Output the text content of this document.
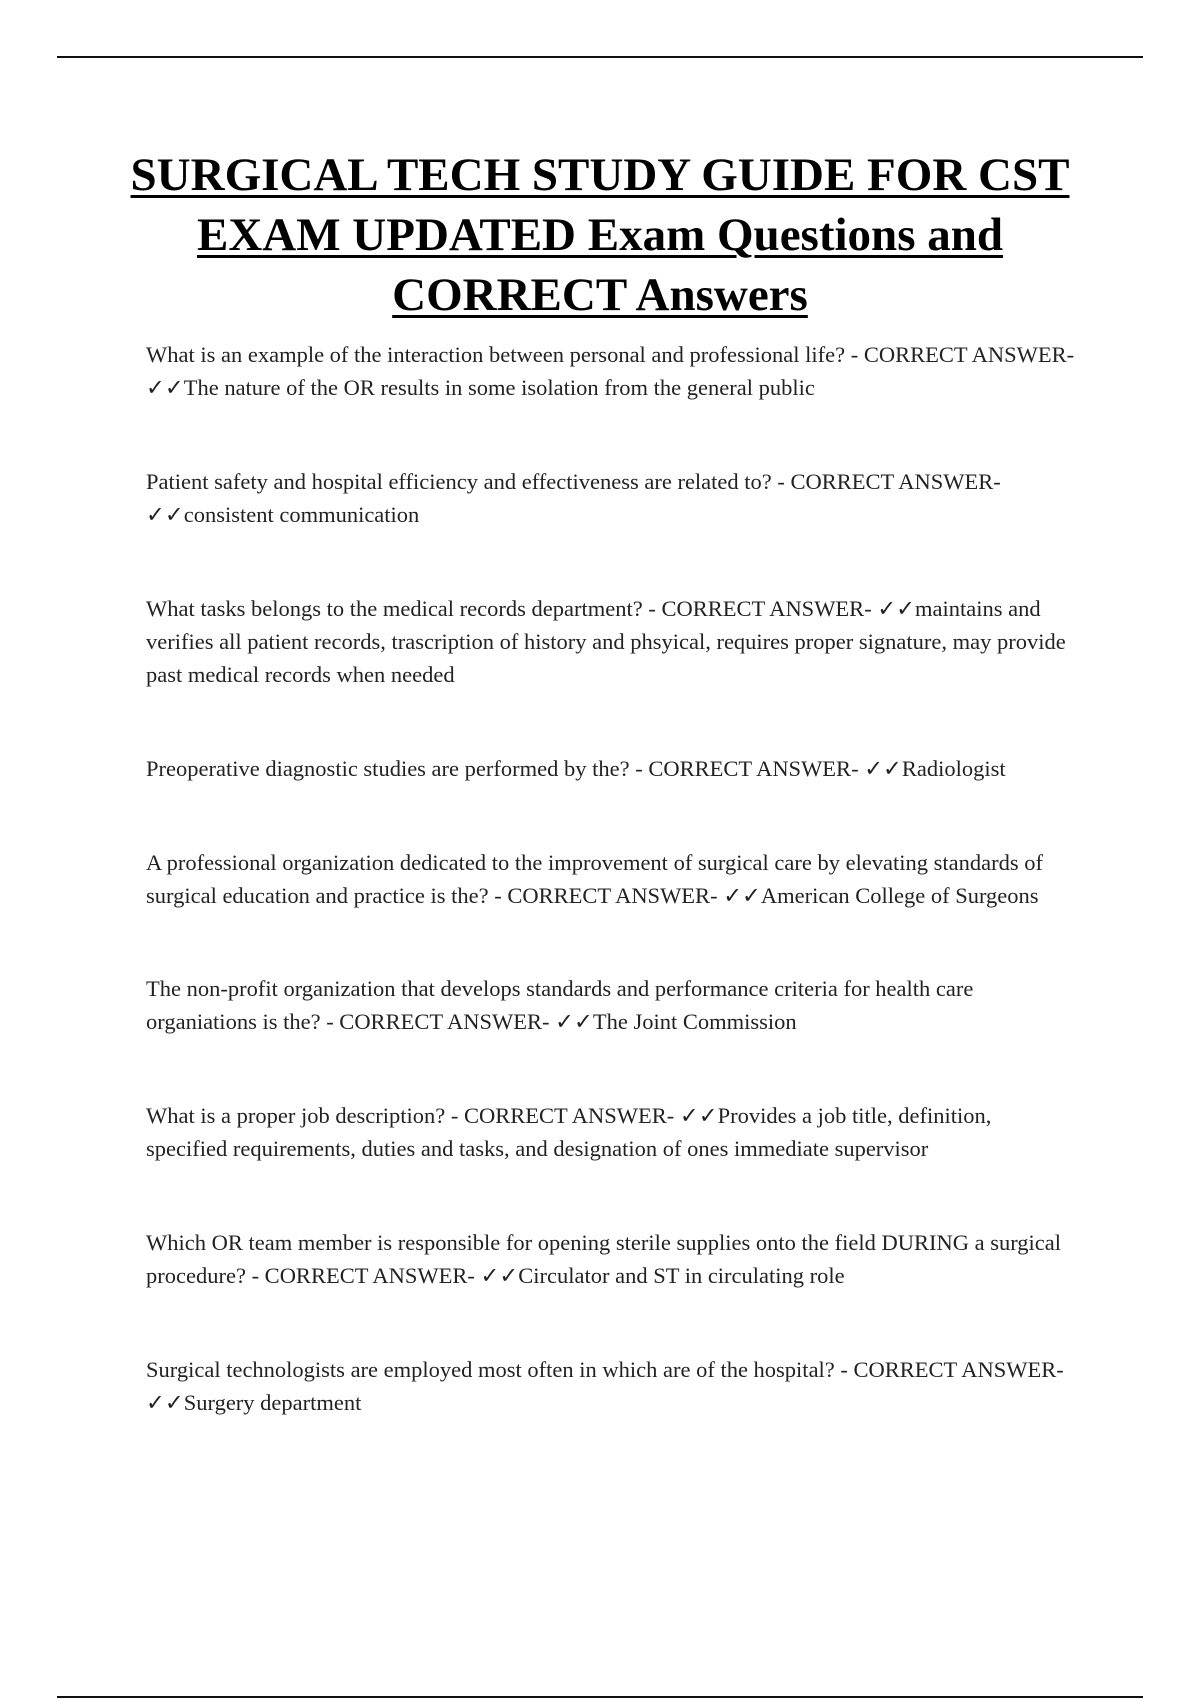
SURGICAL TECH STUDY GUIDE FOR CST EXAM UPDATED Exam Questions and CORRECT Answers
What is an example of the interaction between personal and professional life? - CORRECT ANSWER- ✓✓The nature of the OR results in some isolation from the general public
Patient safety and hospital efficiency and effectiveness are related to? - CORRECT ANSWER- ✓✓consistent communication
What tasks belongs to the medical records department? - CORRECT ANSWER- ✓✓maintains and verifies all patient records, trascription of history and phsyical, requires proper signature, may provide past medical records when needed
Preoperative diagnostic studies are performed by the? - CORRECT ANSWER- ✓✓Radiologist
A professional organization dedicated to the improvement of surgical care by elevating standards of surgical education and practice is the? - CORRECT ANSWER- ✓✓American College of Surgeons
The non-profit organization that develops standards and performance criteria for health care organiations is the? - CORRECT ANSWER- ✓✓The Joint Commission
What is a proper job description? - CORRECT ANSWER- ✓✓Provides a job title, definition, specified requirements, duties and tasks, and designation of ones immediate supervisor
Which OR team member is responsible for opening sterile supplies onto the field DURING a surgical procedure? - CORRECT ANSWER- ✓✓Circulator and ST in circulating role
Surgical technologists are employed most often in which are of the hospital? - CORRECT ANSWER- ✓✓Surgery department
